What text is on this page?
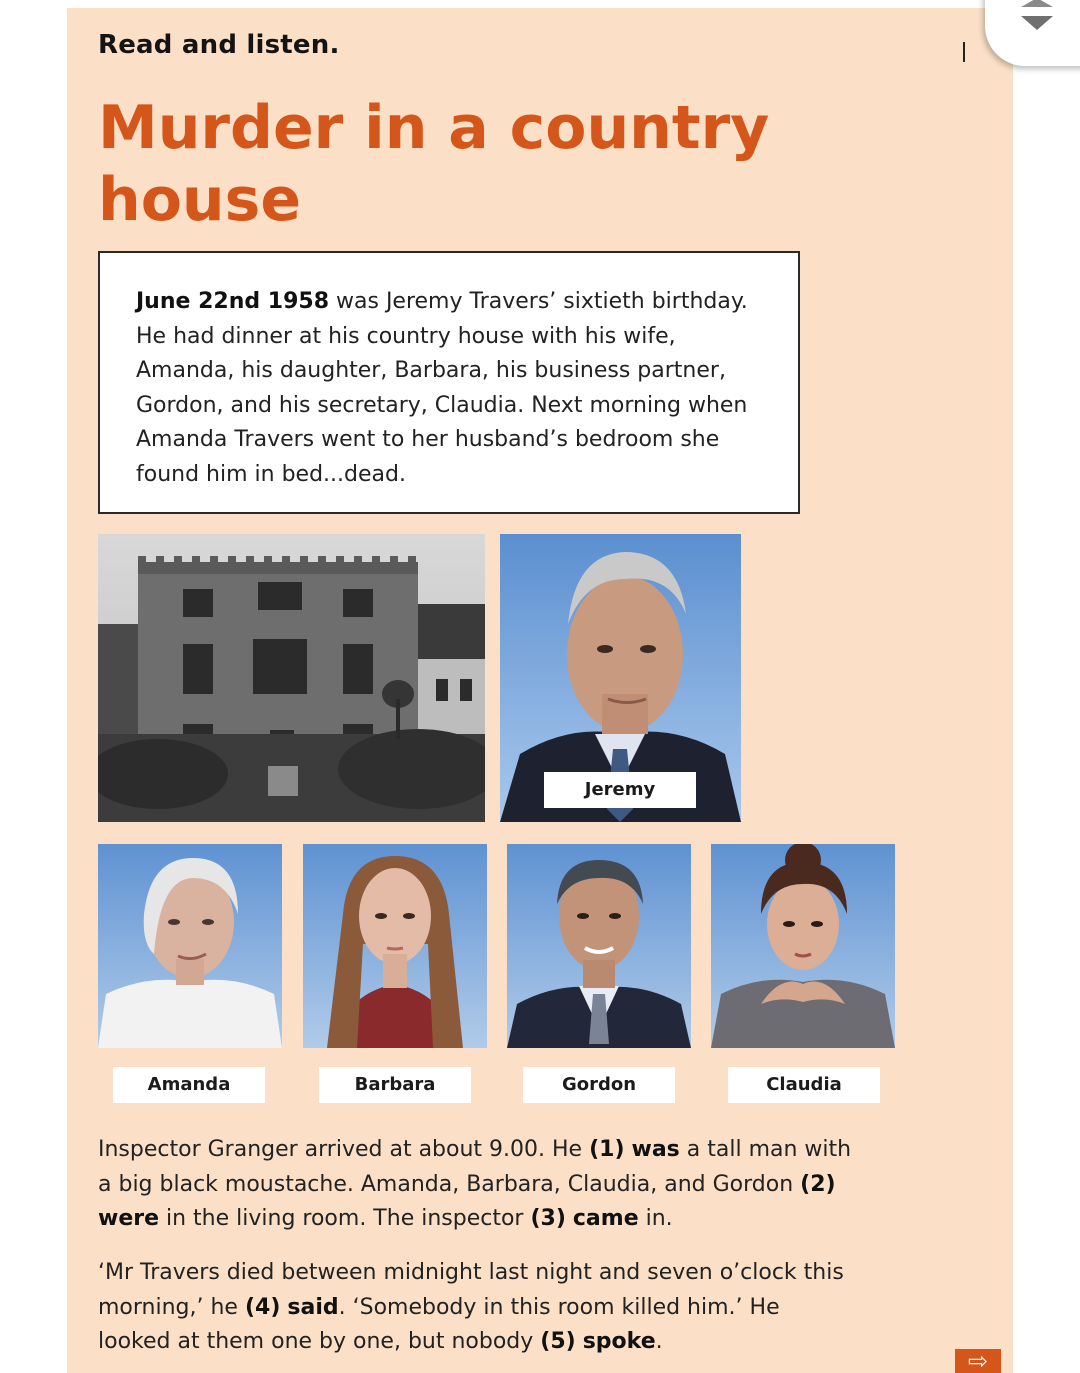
Read and listen.
Murder in a country house
June 22nd 1958 was Jeremy Travers’ sixtieth birthday. He had dinner at his country house with his wife, Amanda, his daughter, Barbara, his business partner, Gordon, and his secretary, Claudia. Next morning when Amanda Travers went to her husband’s bedroom she found him in bed...dead.
Jeremy
Amanda	Barbara	Gordon	Claudia

Inspector Granger arrived at about 9.00. He (1) was a tall man with a big black moustache. Amanda, Barbara, Claudia, and Gordon (2) were in the living room. The inspector (3) came in.

‘Mr Travers died between midnight last night and seven o’clock this morning,’ he (4) said. ‘Somebody in this room killed him.’ He looked at them one by one, but nobody (5) spoke.

⇨
